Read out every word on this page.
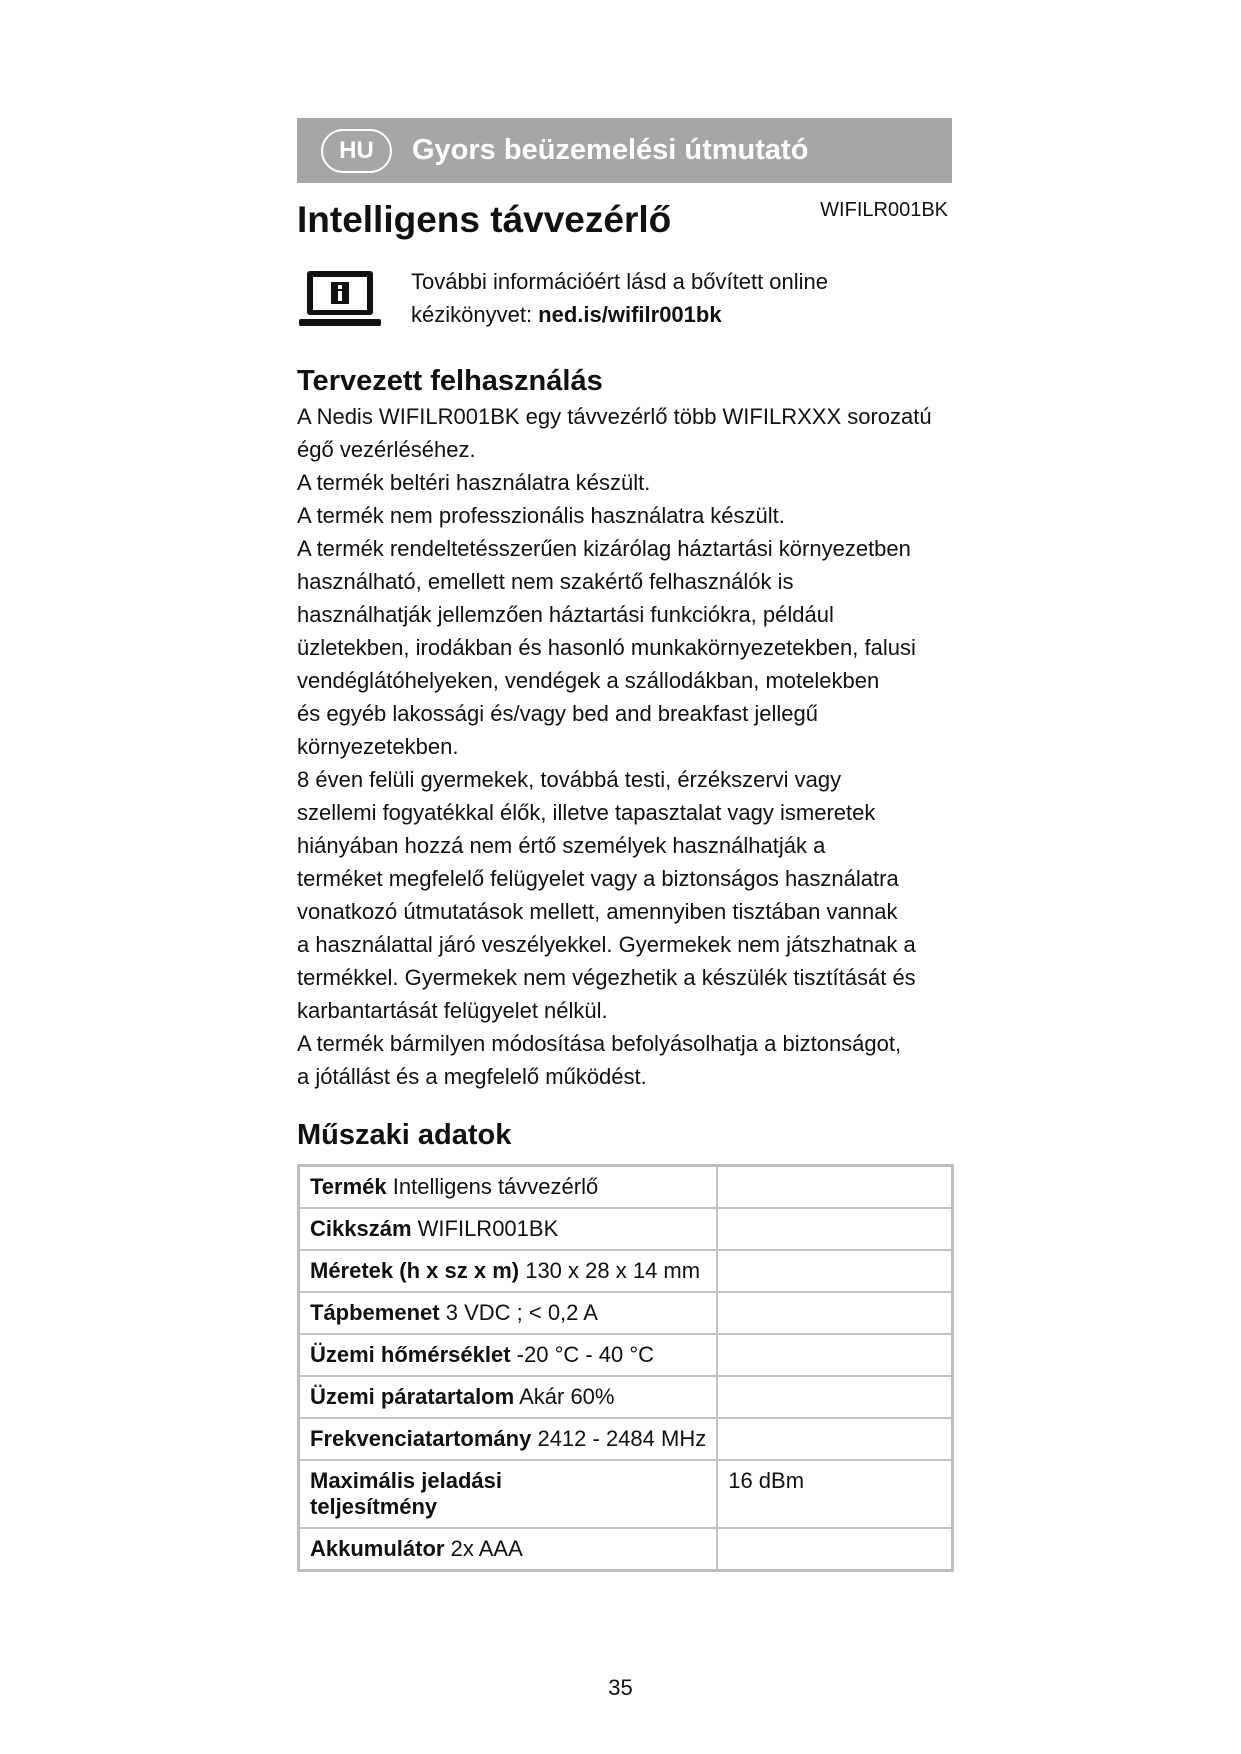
HU	Gyors beüzemelési útmutató
Intelligens távvezérlő	WIFILR001BK
További információért lásd a bővített online
kézikönyvet: ned.is/wifilr001bk
Tervezett felhasználás

A Nedis WIFILR001BK egy távvezérlő több WIFILRXXX sorozatú

égő vezérléséhez.

A termék beltéri használatra készült.

A termék nem professzionális használatra készült.

A termék rendeltetésszerűen kizárólag háztartási környezetben

használható, emellett nem szakértő felhasználók is

használhatják jellemzően háztartási funkciókra, például

üzletekben, irodákban és hasonló munkakörnyezetekben, falusi

vendéglátóhelyeken, vendégek a szállodákban, motelekben

és egyéb lakossági és/vagy bed and breakfast jellegű

környezetekben.

8 éven felüli gyermekek, továbbá testi, érzékszervi vagy

szellemi fogyatékkal élők, illetve tapasztalat vagy ismeretek

hiányában hozzá nem értő személyek használhatják a

terméket megfelelő felügyelet vagy a biztonságos használatra

vonatkozó útmutatások mellett, amennyiben tisztában vannak

a használattal járó veszélyekkel. Gyermekek nem játszhatnak a

termékkel. Gyermekek nem végezhetik a készülék tisztítását és

karbantartását felügyelet nélkül.

A termék bármilyen módosítása befolyásolhatja a biztonságot,

a jótállást és a megfelelő működést.

Műszaki adatok
Termék Intelligens távvezérlő	
Cikkszám WIFILR001BK	
Méretek (h x sz x m) 130 x 28 x 14 mm	
Tápbemenet 3 VDC ; < 0,2 A	
Üzemi hőmérséklet -20 °C - 40 °C	
Üzemi páratartalom Akár 60%	
Frekvenciatartomány 2412 - 2484 MHz	

Maximális jeladási teljesítmény	16 dBm
Akkumulátor 2x AAA	
35
